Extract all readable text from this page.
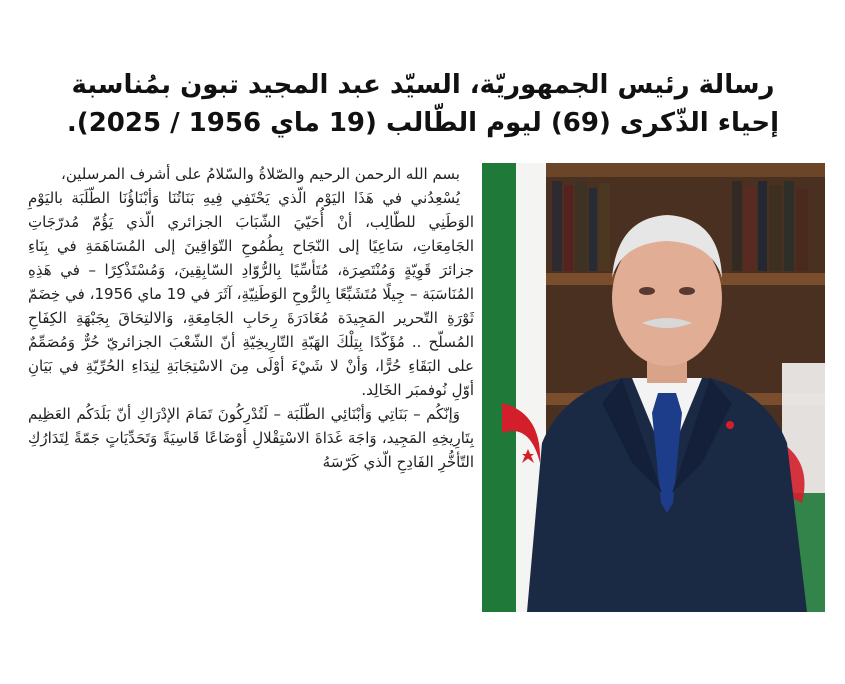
رسالة رئيس الجمهوريّة، السيّد عبد المجيد تبون بمُناسبة إحياء الذّكرى (69) ليوم الطّالب (19 ماي 1956 / 2025).

بسم الله الرحمن الرحيم والصّلاةُ والسّلامُ على أشرف المرسلين،

يُسْعِدُني في هَذَا اليَوْم الّذي يَحْتَفِي فِيهِ بَنَاتُنَا وَأبْنَاؤُنَا الطّلَبَة باليَوْمِ الوَطَنِي للطّالِب، أنْ أُحَيّيَ الشّبَابَ الجزائري الّذي يَؤُمّ مُدرّجَاتِ الجَامِعَاتِ، سَاعِيًا إلى النّجَاح بِطُمُوحِ التّوَاقِينَ إلى المُسَاهَمَةِ في بِنَاءِ جزائرَ قَوِيّةٍ وَمُنْتَصِرَة، مُتَأسِّيًا بِالرُّوّادِ السّابِقِينَ، وَمُسْتَذْكِرًا – في هَذِهِ المُنَاسَبَة – جِيلًا مُتَشَبِّعًا بِالرُّوحِ الوَطَنِيّةِ، آثَرَ في 19 ماي 1956، في خِضَمّ ثَوْرَةِ التّحرير المَجِيدَة مُغَادَرَةَ رِحَابِ الجَامِعَةِ، وَالالتِحَاقَ بِجَبْهَةِ الكِفَاحِ المُسلّح .. مُؤَكّدًا بِتِلْكَ الهَبّةِ التّارِيخِيّةِ أنّ الشّعْبَ الجزائريّ حُرٌّ وَمُصَمِّمٌ على البَقَاءِ حُرًّا، وَأنْ لا شَيْءَ أوْلَى مِنَ الاسْتِجَابَةِ لِنِدَاءِ الحُرِّيّةِ في بَيَانِ أوّلِ نُوفمبَر الخَالِد.

وَإنّكُم – بَنَاتِي وَأبْنَائِي الطّلَبَة – لَتُدْرِكُونَ تَمَامَ الإدْرَاكِ أنّ بَلَدَكُم العَظِيم بِتَارِيخِهِ المَجِيد، وَاجَهَ غَدَاةَ الاسْتِقْلالِ أوْضَاعًا قَاسِيَةً وَتَحَدِّيَاتٍ جَمّةً لِتَدَارُكِ التّأخُّرِ الفَادِحِ الّذي كَرّسَهُ
